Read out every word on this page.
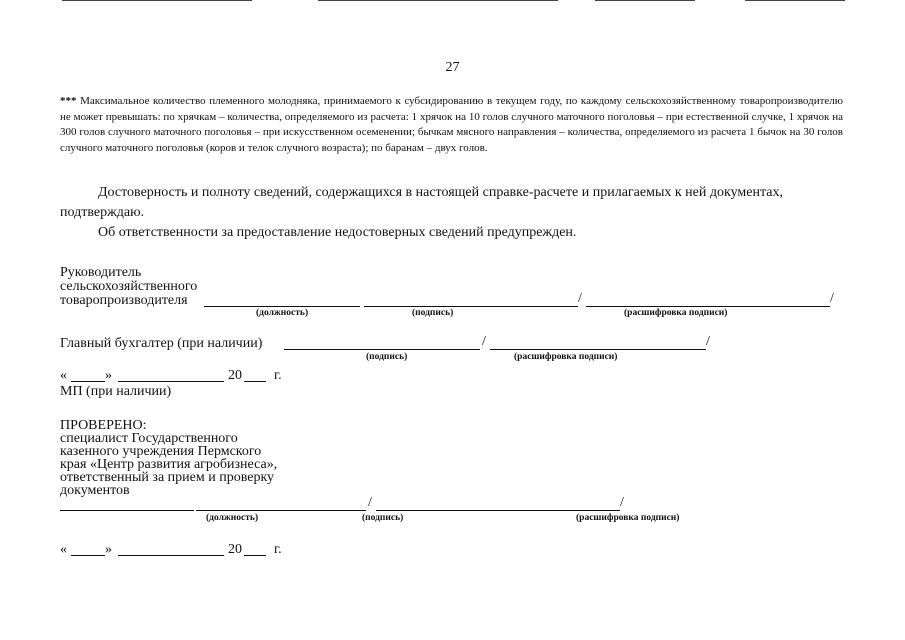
27
*** Максимальное количество племенного молодняка, принимаемого к субсидированию в текущем году, по каждому сельскохозяйственному товаропроизводителю не может превышать: по хрячкам – количества, определяемого из расчета: 1 хрячок на 10 голов случного маточного поголовья – при естественной случке, 1 хрячок на 300 голов случного маточного поголовья – при искусственном осеменении; бычкам мясного направления – количества, определяемого из расчета 1 бычок на 30 голов случного маточного поголовья (коров и телок случного возраста); по баранам – двух голов.
Достоверность и полноту сведений, содержащихся в настоящей справке-расчете и прилагаемых к ней документах,
подтверждаю.
Об ответственности за предоставление недостоверных сведений предупрежден.
Руководитель
сельскохозяйственного
товаропроизводителя	/	/
(должность)	(подпись)	(расшифровка подписи)
Главный бухгалтер (при наличии)	/	/
(подпись)	(расшифровка подписи)
«	»	20 г.
МП (при наличии)
ПРОВЕРЕНО:
специалист Государственного
казенного учреждения Пермского
края «Центр развития агробизнеса»,
ответственный за прием и проверку
документов
/	/
(должность)	(подпись)	(расшифровка подписи)
«	»	20 г.
